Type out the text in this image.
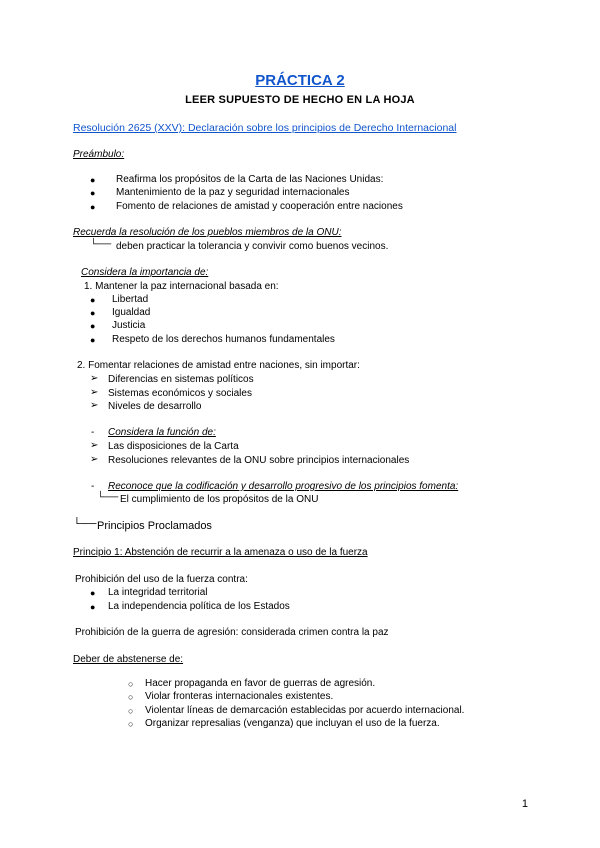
PRÁCTICA 2
LEER SUPUESTO DE HECHO EN LA HOJA
Resolución 2625 (XXV): Declaración sobre los principios de Derecho Internacional
Preámbulo:
● Reafirma los propósitos de la Carta de las Naciones Unidas:
● Mantenimiento de la paz y seguridad internacionales
● Fomento de relaciones de amistad y cooperación entre naciones
Recuerda la resolución de los pueblos miembros de la ONU:
└── deben practicar la tolerancia y convivir como buenos vecinos.
Considera la importancia de:
1. Mantener la paz internacional basada en:
● Libertad
● Igualdad
● Justicia
● Respeto de los derechos humanos fundamentales
2. Fomentar relaciones de amistad entre naciones, sin importar:
➢ Diferencias en sistemas políticos
➢ Sistemas económicos y sociales
➢ Niveles de desarrollo
- Considera la función de:
➢ Las disposiciones de la Carta
➢ Resoluciones relevantes de la ONU sobre principios internacionales
- Reconoce que la codificación y desarrollo progresivo de los principios fomenta:
└── El cumplimiento de los propósitos de la ONU
└── Principios Proclamados
Principio 1: Abstención de recurrir a la amenaza o uso de la fuerza
Prohibición del uso de la fuerza contra:
● La integridad territorial
● La independencia política de los Estados
Prohibición de la guerra de agresión: considerada crimen contra la paz
Deber de abstenerse de:
○ Hacer propaganda en favor de guerras de agresión.
○ Violar fronteras internacionales existentes.
○ Violentar líneas de demarcación establecidas por acuerdo internacional.
○ Organizar represalias (venganza) que incluyan el uso de la fuerza.
1
